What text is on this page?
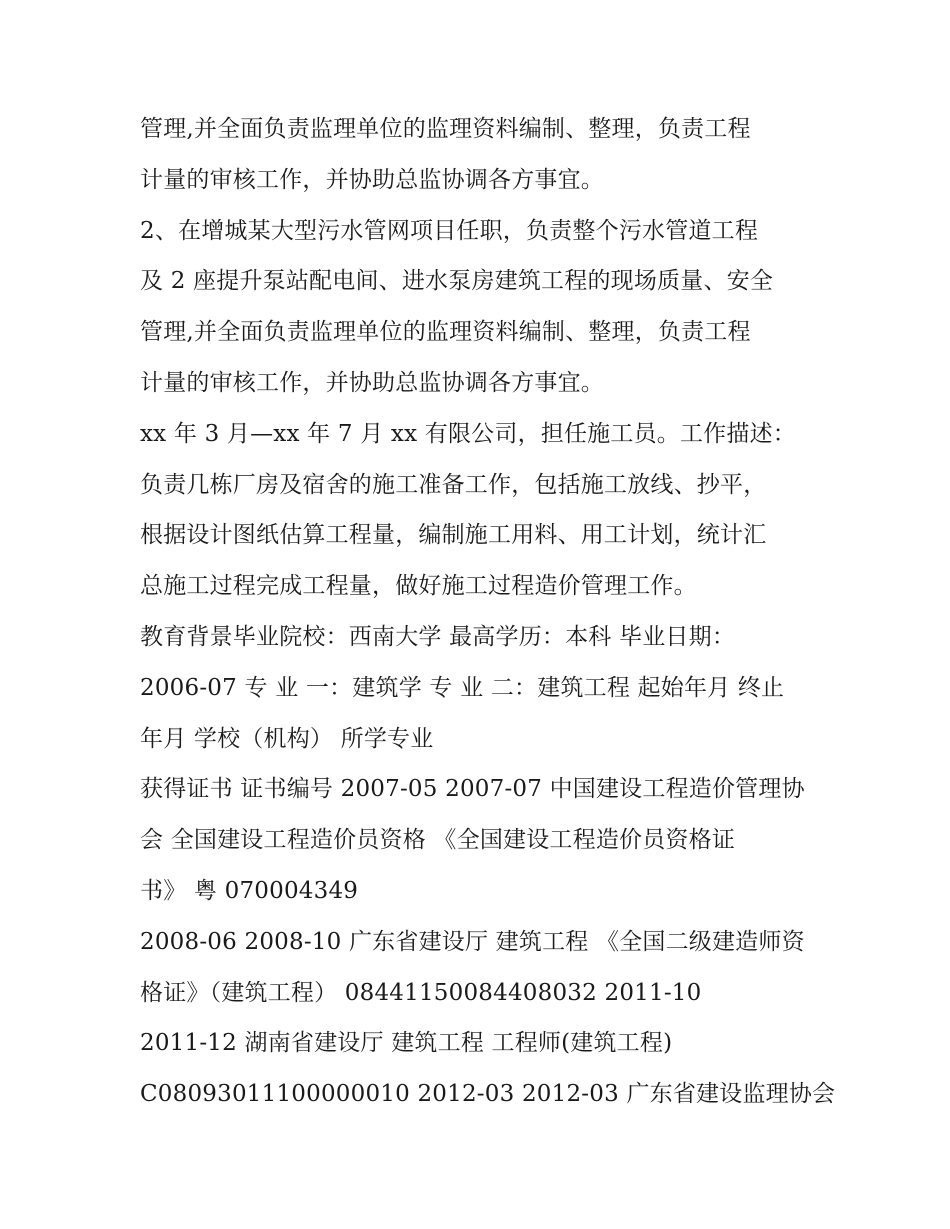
管理,并全面负责监理单位的监理资料编制、整理，负责工程
计量的审核工作，并协助总监协调各方事宜。
2、在增城某大型污水管网项目任职，负责整个污水管道工程
及 2 座提升泵站配电间、进水泵房建筑工程的现场质量、安全
管理,并全面负责监理单位的监理资料编制、整理，负责工程
计量的审核工作，并协助总监协调各方事宜。
xx 年 3 月—xx 年 7 月 xx 有限公司，担任施工员。工作描述：
负责几栋厂房及宿舍的施工准备工作，包括施工放线、抄平，
根据设计图纸估算工程量，编制施工用料、用工计划，统计汇
总施工过程完成工程量，做好施工过程造价管理工作。
教育背景毕业院校：西南大学 最高学历：本科 毕业日期：
2006-07 专 业 一：建筑学 专 业 二：建筑工程 起始年月 终止
年月 学校（机构） 所学专业
获得证书 证书编号 2007-05 2007-07 中国建设工程造价管理协
会 全国建设工程造价员资格 《全国建设工程造价员资格证
书》 粤 070004349
2008-06 2008-10 广东省建设厅 建筑工程 《全国二级建造师资
格证》（建筑工程） 08441150084408032 2011-10
2011-12 湖南省建设厅 建筑工程 工程师(建筑工程)
C08093011100000010 2012-03 2012-03 广东省建设监理协会
